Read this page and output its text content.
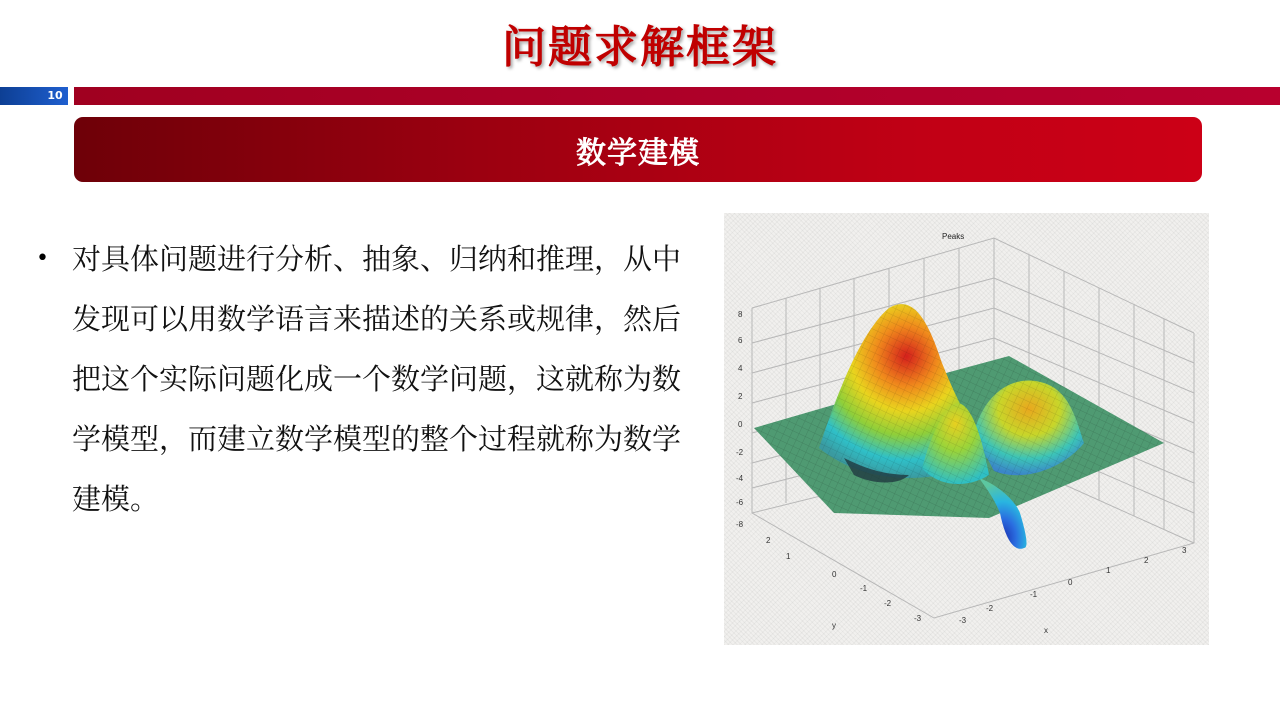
问题求解框架
10
数学建模
• 对具体问题进行分析、抽象、归纳和推理，从中发现可以用数学语言来描述的关系或规律，然后把这个实际问题化成一个数学问题，这就称为数学模型，而建立数学模型的整个过程就称为数学建模。
Peaks
8
6
4
2
0
-2
-4
-6
-8
2
1
0
-1
-2
-3
y
-3
-2
-1
0
1
2
3
x
